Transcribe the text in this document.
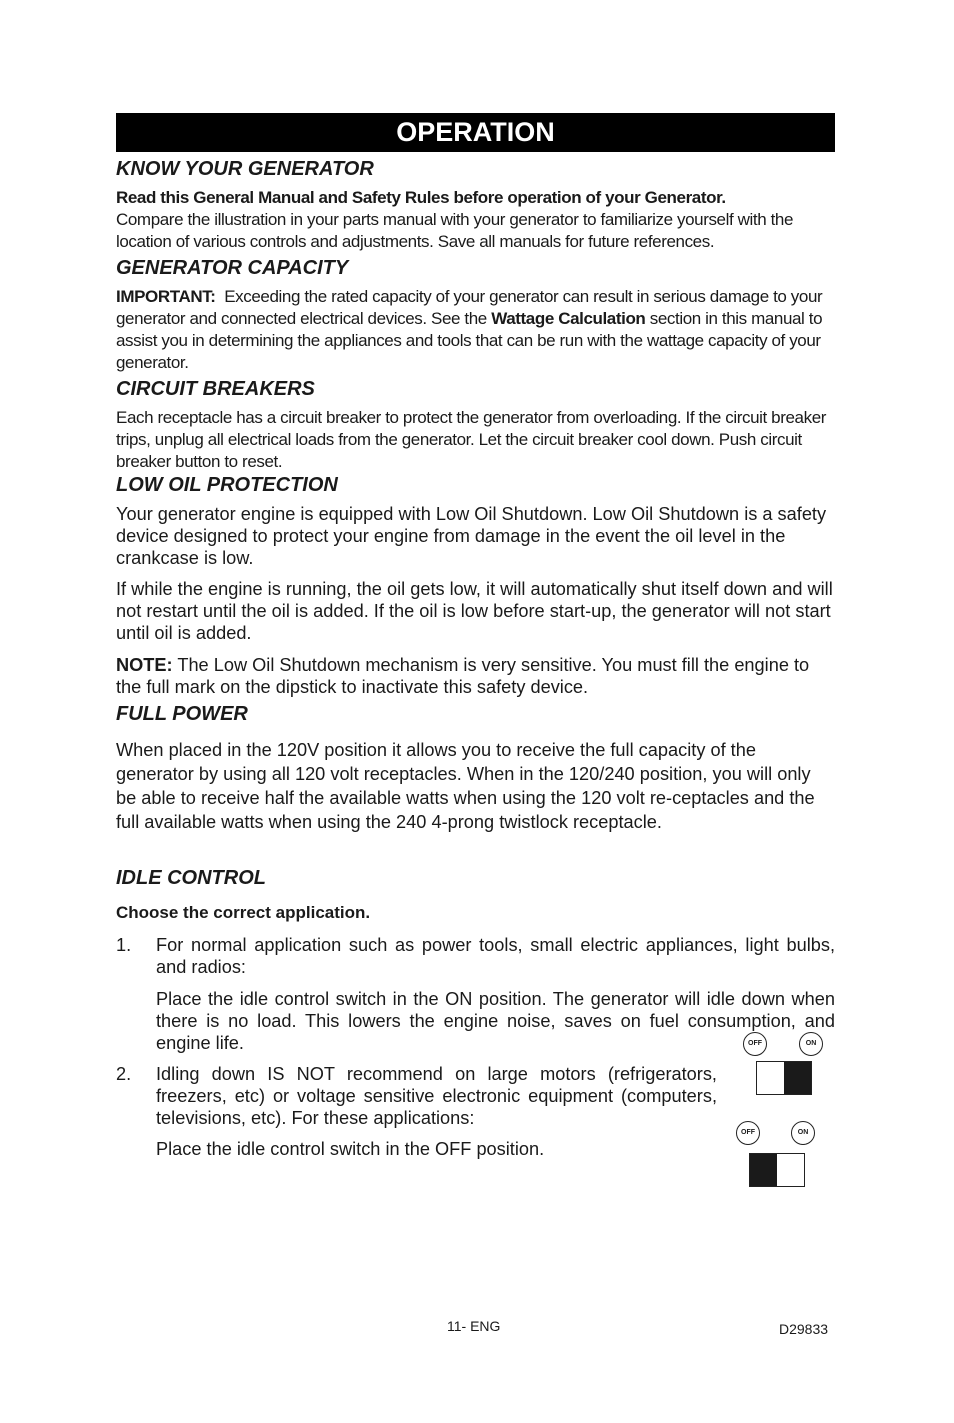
OPERATION
KNOW YOUR GENERATOR

Read this General Manual and Safety Rules before operation of your Generator.
Compare the illustration in your parts manual with your generator to familiarize yourself with the location of various controls and adjustments. Save all manuals for future references.

GENERATOR CAPACITY

IMPORTANT: Exceeding the rated capacity of your generator can result in serious damage to your generator and connected electrical devices. See the Wattage Calculation section in this manual to assist you in determining the appliances and tools that can be run with the wattage capacity of your generator.

CIRCUIT BREAKERS

Each receptacle has a circuit breaker to protect the generator from overloading. If the circuit breaker trips, unplug all electrical loads from the generator. Let the circuit breaker cool down. Push circuit breaker button to reset.

LOW OIL PROTECTION

Your generator engine is equipped with Low Oil Shutdown. Low Oil Shutdown is a safety device designed to protect your engine from damage in the event the oil level in the crankcase is low.

If while the engine is running, the oil gets low, it will automatically shut itself down and will not restart until the oil is added. If the oil is low before start-up, the generator will not start until oil is added.

NOTE: The Low Oil Shutdown mechanism is very sensitive. You must fill the engine to the full mark on the dipstick to inactivate this safety device.

FULL POWER

When placed in the 120V position it allows you to receive the full capacity of the generator by using all 120 volt receptacles. When in the 120/240 position, you will only be able to receive half the available watts when using the 120 volt re-ceptacles and the full available watts when using the 240 4-prong twistlock receptacle.

IDLE CONTROL

Choose the correct application.

1. For normal application such as power tools, small electric appliances, light bulbs, and radios:

Place the idle control switch in the ON position. The generator will idle down when there is no load. This lowers the engine noise, saves on fuel consumption, and engine life.

2. Idling down IS NOT recommend on large motors (refrigerators, freezers, etc) or voltage sensitive electronic equipment (computers, televisions, etc). For these applications:

Place the idle control switch in the OFF position.

OFF	ON
OFF	ON
11- ENG	D29833
